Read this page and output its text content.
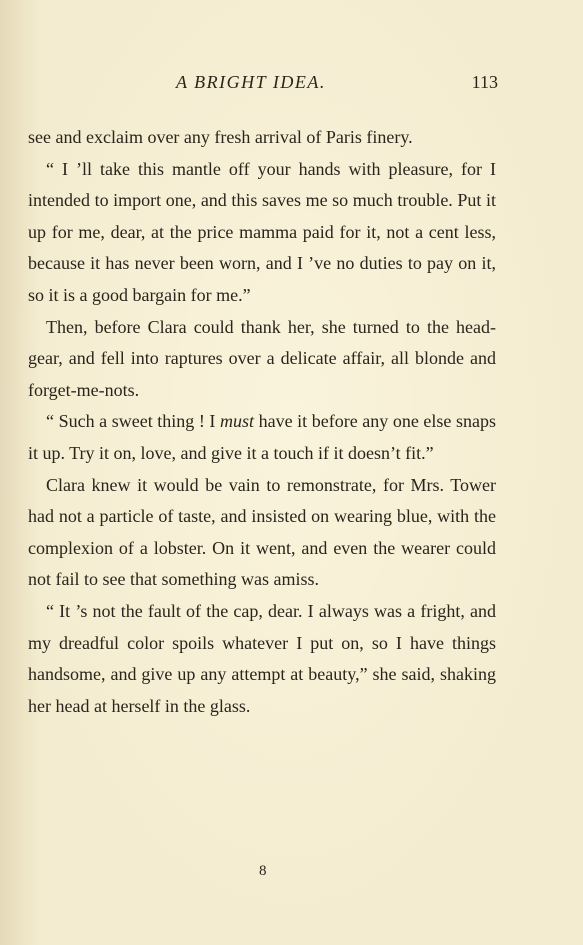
A BRIGHT IDEA.	113

see and exclaim over any fresh arrival of Paris finery.

“ I ’ll take this mantle off your hands with pleasure, for I intended to import one, and this saves me so much trouble. Put it up for me, dear, at the price mamma paid for it, not a cent less, because it has never been worn, and I ’ve no duties to pay on it, so it is a good bargain for me.”

Then, before Clara could thank her, she turned to the head-gear, and fell into raptures over a delicate affair, all blonde and forget-me-nots.

“ Such a sweet thing ! I must have it before any one else snaps it up. Try it on, love, and give it a touch if it doesn’t fit.”

Clara knew it would be vain to remonstrate, for Mrs. Tower had not a particle of taste, and insisted on wearing blue, with the complexion of a lobster. On it went, and even the wearer could not fail to see that something was amiss.

“ It ’s not the fault of the cap, dear. I always was a fright, and my dreadful color spoils whatever I put on, so I have things handsome, and give up any attempt at beauty,” she said, shaking her head at herself in the glass.

8
